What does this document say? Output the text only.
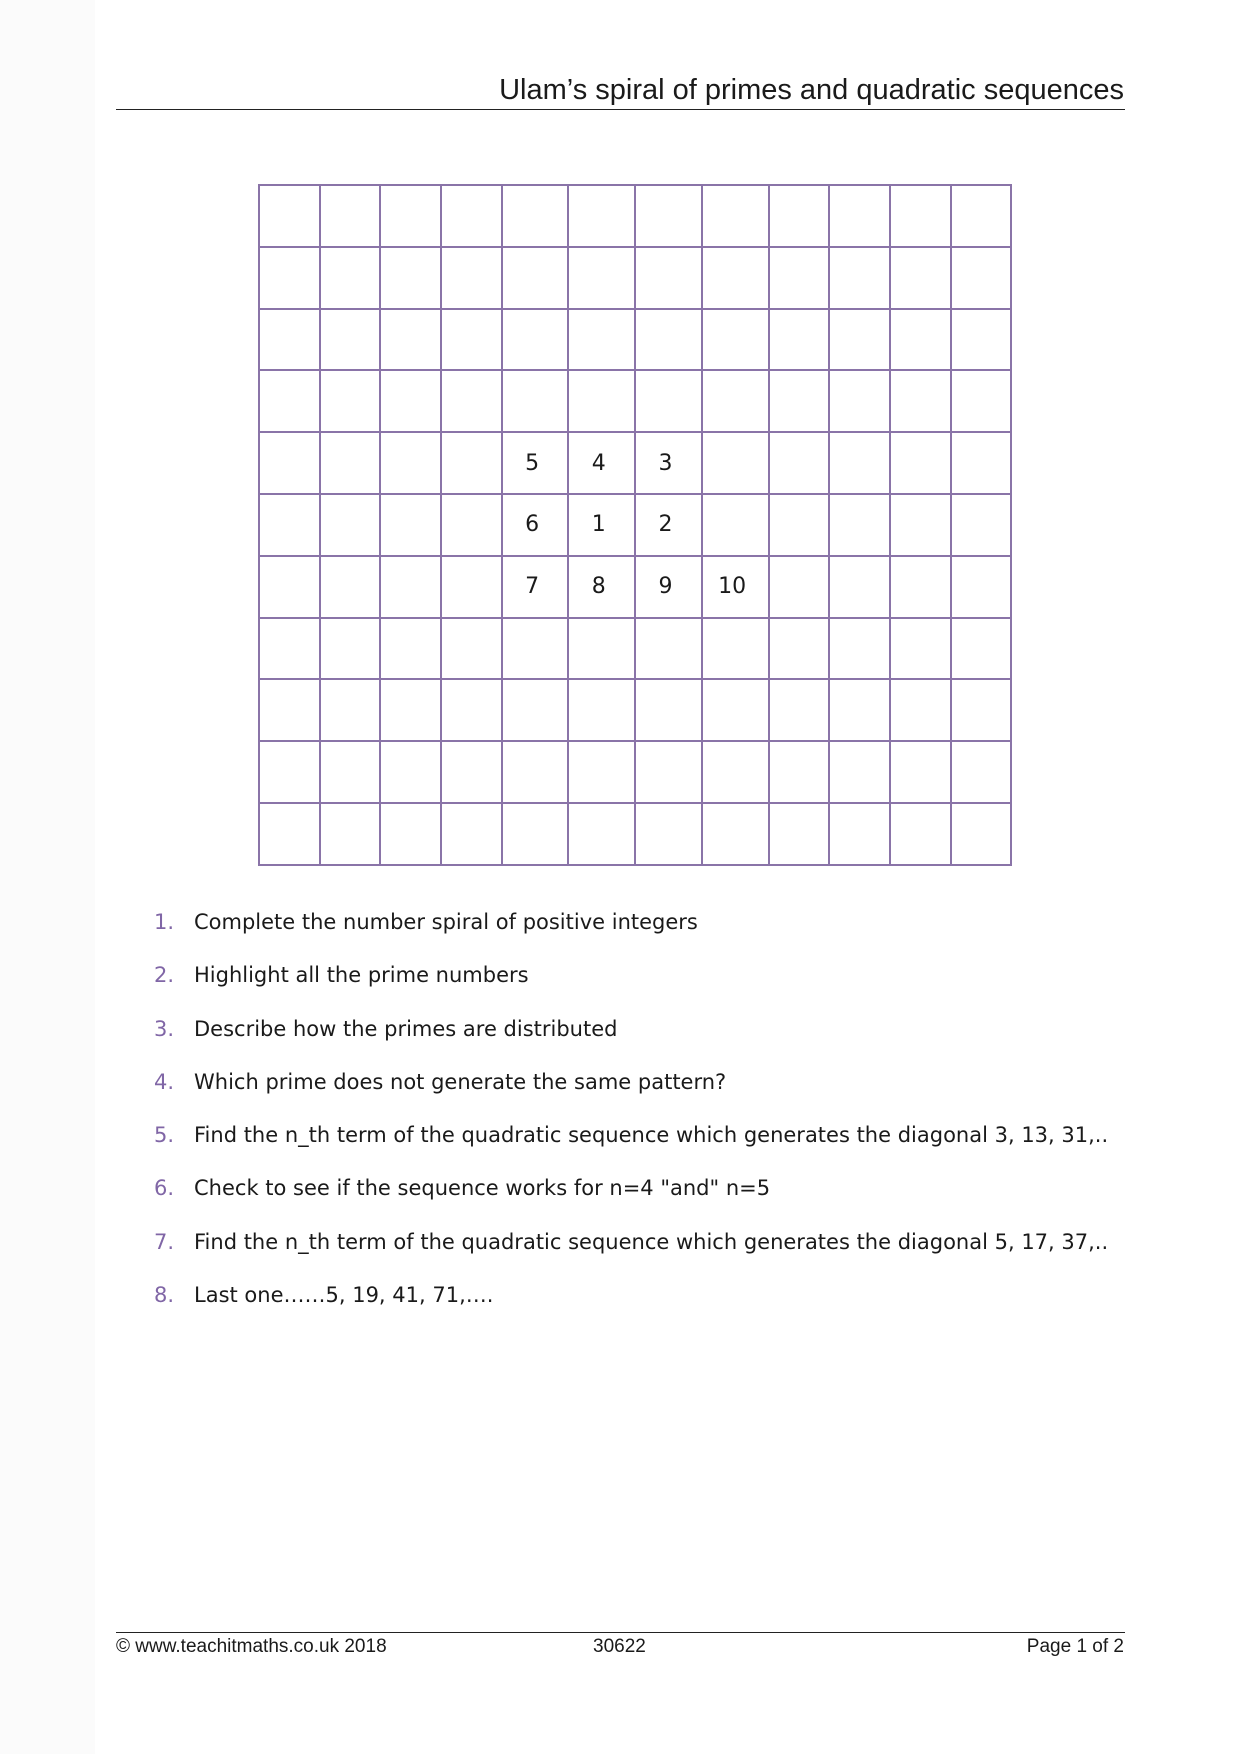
Ulam’s spiral of primes and quadratic sequences

				5	4	3					
				6	1	2					
				7	8	9	10				

1. Complete the number spiral of positive integers
2. Highlight all the prime numbers
3. Describe how the primes are distributed
4. Which prime does not generate the same pattern?
5. Find the n_th term of the quadratic sequence which generates the diagonal 3, 13, 31,..
6. Check to see if the sequence works for n=4 "and" n=5
7. Find the n_th term of the quadratic sequence which generates the diagonal 5, 17, 37,..
8. Last one……5, 19, 41, 71,….
© www.teachitmaths.co.uk 2018	30622	Page 1 of 2
